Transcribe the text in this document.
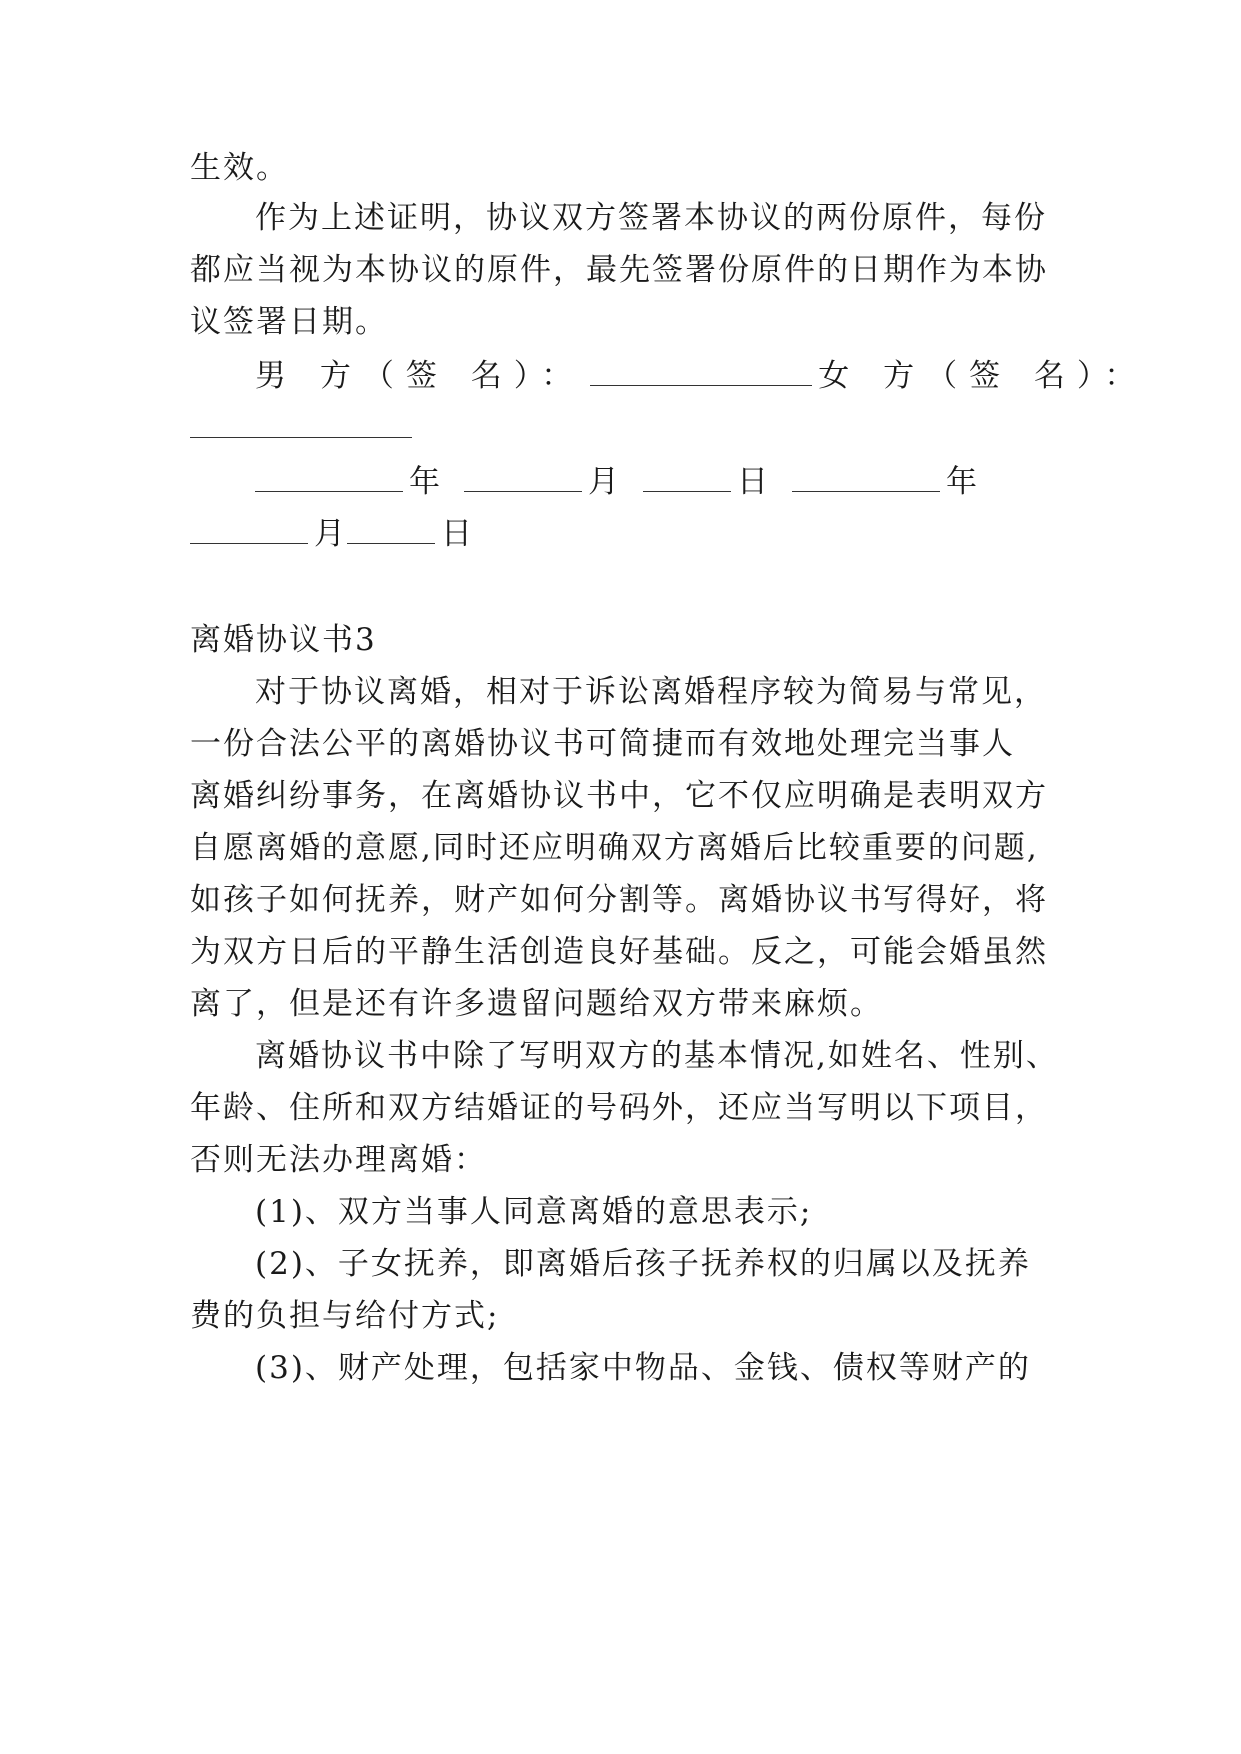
生效。
作为上述证明，协议双方签署本协议的两份原件，每份
都应当视为本协议的原件，最先签署份原件的日期作为本协
议签署日期。
男 方（签 名）：	女 方（签 名）：
年	月	日	年
月	日
离婚协议书3
对于协议离婚，相对于诉讼离婚程序较为简易与常见，
一份合法公平的离婚协议书可简捷而有效地处理完当事人
离婚纠纷事务，在离婚协议书中，它不仅应明确是表明双方
自愿离婚的意愿,同时还应明确双方离婚后比较重要的问题,
如孩子如何抚养，财产如何分割等。离婚协议书写得好，将
为双方日后的平静生活创造良好基础。反之，可能会婚虽然
离了，但是还有许多遗留问题给双方带来麻烦。
离婚协议书中除了写明双方的基本情况,如姓名、性别、
年龄、住所和双方结婚证的号码外，还应当写明以下项目，
否则无法办理离婚：
(1)、双方当事人同意离婚的意思表示;
(2)、子女抚养，即离婚后孩子抚养权的归属以及抚养
费的负担与给付方式;
(3)、财产处理，包括家中物品、金钱、债权等财产的
